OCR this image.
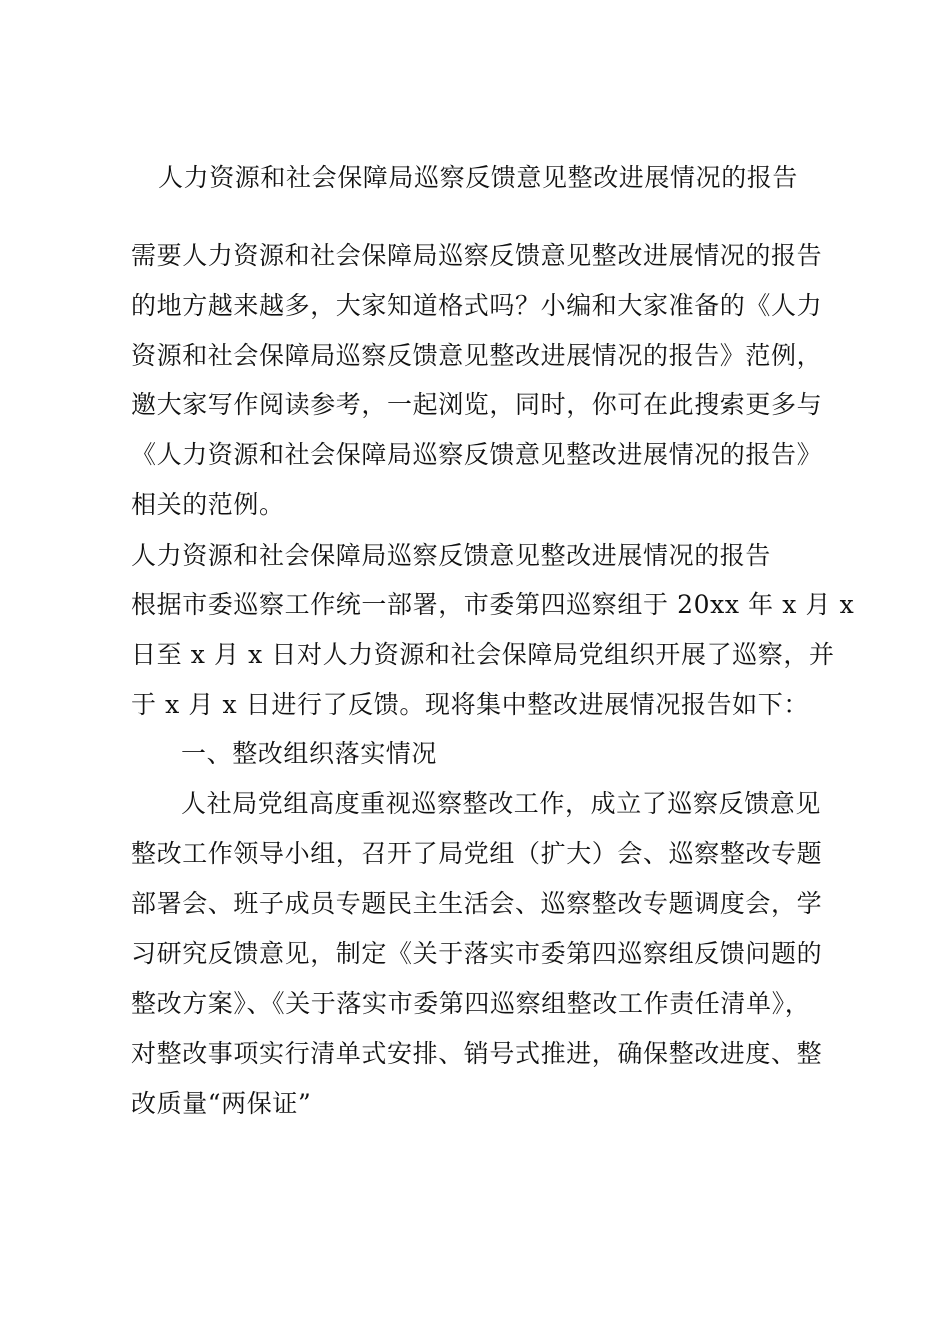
人力资源和社会保障局巡察反馈意见整改进展情况的报告
需要人力资源和社会保障局巡察反馈意见整改进展情况的报告
的地方越来越多，大家知道格式吗？小编和大家准备的《人力
资源和社会保障局巡察反馈意见整改进展情况的报告》范例，
邀大家写作阅读参考，一起浏览，同时，你可在此搜索更多与
《人力资源和社会保障局巡察反馈意见整改进展情况的报告》
相关的范例。
人力资源和社会保障局巡察反馈意见整改进展情况的报告
根据市委巡察工作统一部署，市委第四巡察组于 20xx 年 x 月 x
日至 x 月 x 日对人力资源和社会保障局党组织开展了巡察，并
于 x 月 x 日进行了反馈。现将集中整改进展情况报告如下：
一、整改组织落实情况
人社局党组高度重视巡察整改工作，成立了巡察反馈意见
整改工作领导小组，召开了局党组（扩大）会、巡察整改专题
部署会、班子成员专题民主生活会、巡察整改专题调度会，学
习研究反馈意见，制定《关于落实市委第四巡察组反馈问题的
整改方案》、《关于落实市委第四巡察组整改工作责任清单》，
对整改事项实行清单式安排、销号式推进，确保整改进度、整
改质量“两保证”
